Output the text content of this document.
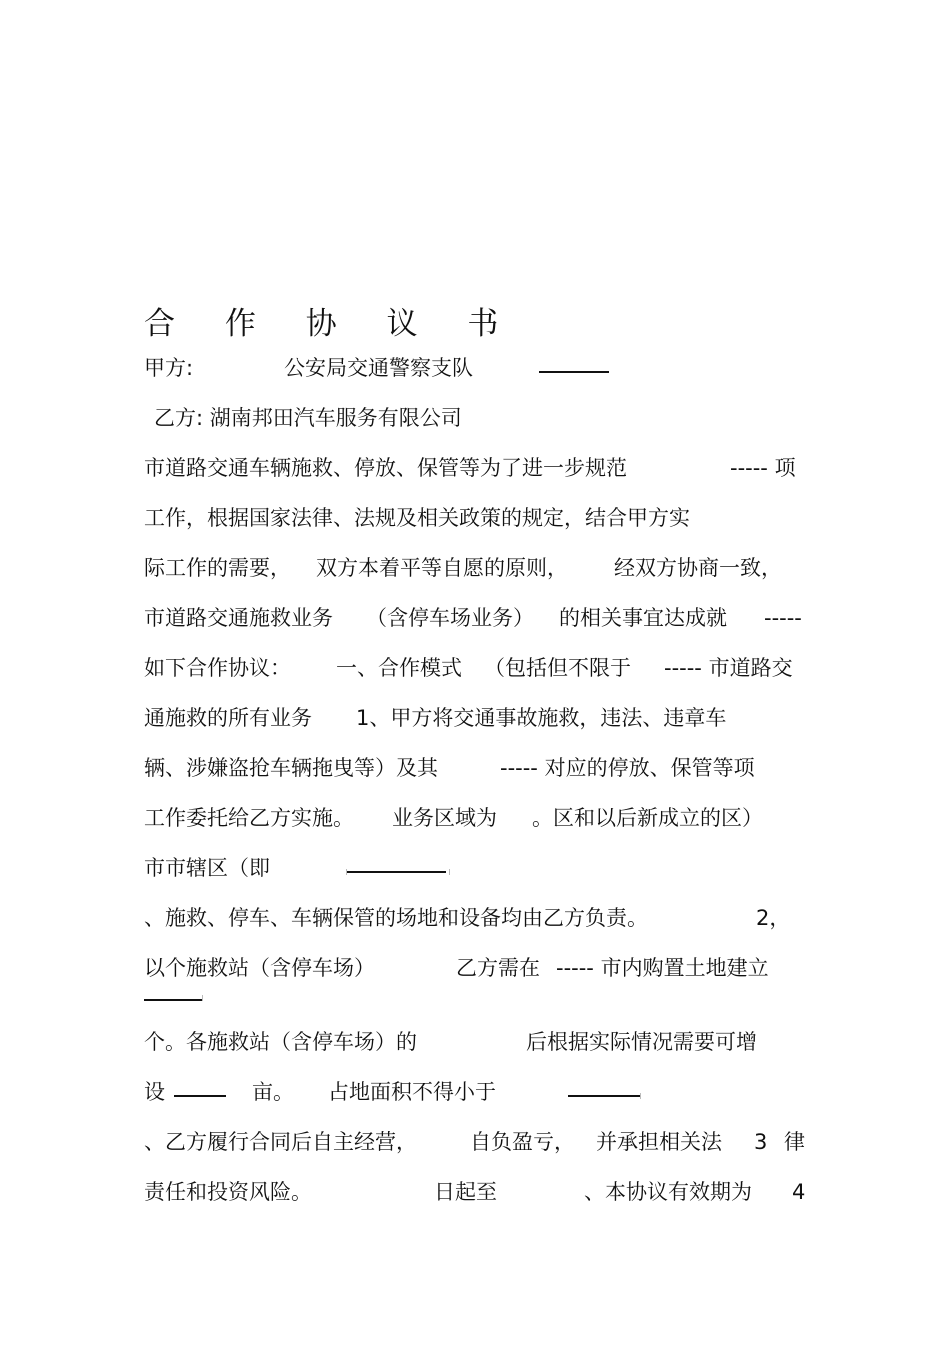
合 作 协 议 书
甲方:	公安局交通警察支队
乙方: 湖南邦田汽车服务有限公司
市道路交通车辆施救、停放、保管等为了进一步规范	----- 项
工作，根据国家法律、法规及相关政策的规定，结合甲方实
际工作的需要， 双方本着平等自愿的原则， 经双方协商一致，
市道路交通施救业务 （含停车场业务） 的相关事宜达成就 -----
如下合作协议： 一、合作模式 （包括但不限于 ----- 市道路交
通施救的所有业务 1、甲方将交通事故施救，违法、违章车
辆、涉嫌盗抢车辆拖曳等）及其	----- 对应的停放、保管等项
工作委托给乙方实施。 业务区域为 。区和以后新成立的区）
市市辖区（即
、施救、停车、车辆保管的场地和设备均由乙方负责。	2，
以个施救站（含停车场）	乙方需在 ----- 市内购置土地建立
个。各施救站（含停车场）的	后根据实际情况需要可增
设	亩。 占地面积不得小于
、乙方履行合同后自主经营，	自负盈亏， 并承担相关法 3 律
责任和投资风险。	日起至	、本协议有效期为 4
